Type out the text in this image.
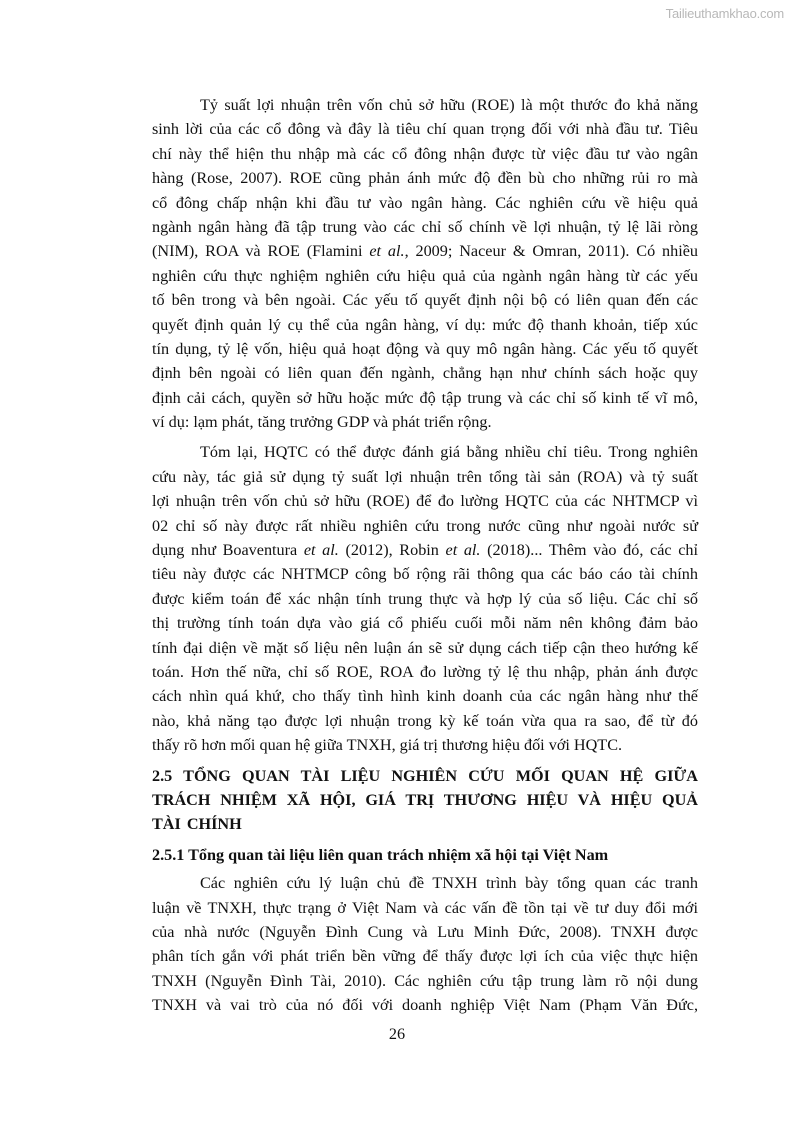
Tailieuthamkhao.com
Tỷ suất lợi nhuận trên vốn chủ sở hữu (ROE) là một thước đo khả năng
sinh lời của các cổ đông và đây là tiêu chí quan trọng đối với nhà đầu tư. Tiêu
chí này thể hiện thu nhập mà các cổ đông nhận được từ việc đầu tư vào ngân
hàng (Rose, 2007). ROE cũng phản ánh mức độ đền bù cho những rủi ro mà
cổ đông chấp nhận khi đầu tư vào ngân hàng. Các nghiên cứu về hiệu quả
ngành ngân hàng đã tập trung vào các chỉ số chính về lợi nhuận, tỷ lệ lãi ròng
(NIM), ROA và ROE (Flamini et al., 2009; Naceur & Omran, 2011). Có nhiều
nghiên cứu thực nghiệm nghiên cứu hiệu quả của ngành ngân hàng từ các yếu
tố bên trong và bên ngoài. Các yếu tố quyết định nội bộ có liên quan đến các
quyết định quản lý cụ thể của ngân hàng, ví dụ: mức độ thanh khoản, tiếp xúc
tín dụng, tỷ lệ vốn, hiệu quả hoạt động và quy mô ngân hàng. Các yếu tố quyết
định bên ngoài có liên quan đến ngành, chẳng hạn như chính sách hoặc quy
định cải cách, quyền sở hữu hoặc mức độ tập trung và các chỉ số kinh tế vĩ mô,
ví dụ: lạm phát, tăng trưởng GDP và phát triển rộng.
Tóm lại, HQTC có thể được đánh giá bằng nhiều chỉ tiêu. Trong nghiên
cứu này, tác giả sử dụng tỷ suất lợi nhuận trên tổng tài sản (ROA) và tỷ suất
lợi nhuận trên vốn chủ sở hữu (ROE) để đo lường HQTC của các NHTMCP vì
02 chỉ số này được rất nhiều nghiên cứu trong nước cũng như ngoài nước sử
dụng như Boaventura et al. (2012), Robin et al. (2018)... Thêm vào đó, các chỉ
tiêu này được các NHTMCP công bố rộng rãi thông qua các báo cáo tài chính
được kiểm toán để xác nhận tính trung thực và hợp lý của số liệu. Các chỉ số
thị trường tính toán dựa vào giá cổ phiếu cuối mỗi năm nên không đảm bảo
tính đại diện về mặt số liệu nên luận án sẽ sử dụng cách tiếp cận theo hướng kế
toán. Hơn thế nữa, chỉ số ROE, ROA đo lường tỷ lệ thu nhập, phản ánh được
cách nhìn quá khứ, cho thấy tình hình kinh doanh của các ngân hàng như thế
nào, khả năng tạo được lợi nhuận trong kỳ kế toán vừa qua ra sao, để từ đó
thấy rõ hơn mối quan hệ giữa TNXH, giá trị thương hiệu đối với HQTC.
2.5 TỔNG QUAN TÀI LIỆU NGHIÊN CỨU MỐI QUAN HỆ GIỮA
TRÁCH NHIỆM XÃ HỘI, GIÁ TRỊ THƯƠNG HIỆU VÀ HIỆU QUẢ
TÀI CHÍNH
2.5.1 Tổng quan tài liệu liên quan trách nhiệm xã hội tại Việt Nam
Các nghiên cứu lý luận chủ đề TNXH trình bày tổng quan các tranh
luận về TNXH, thực trạng ở Việt Nam và các vấn đề tồn tại về tư duy đổi mới
của nhà nước (Nguyễn Đình Cung và Lưu Minh Đức, 2008). TNXH được
phân tích gắn với phát triển bền vững để thấy được lợi ích của việc thực hiện
TNXH (Nguyễn Đình Tài, 2010). Các nghiên cứu tập trung làm rõ nội dung
TNXH và vai trò của nó đối với doanh nghiệp Việt Nam (Phạm Văn Đức,
26
